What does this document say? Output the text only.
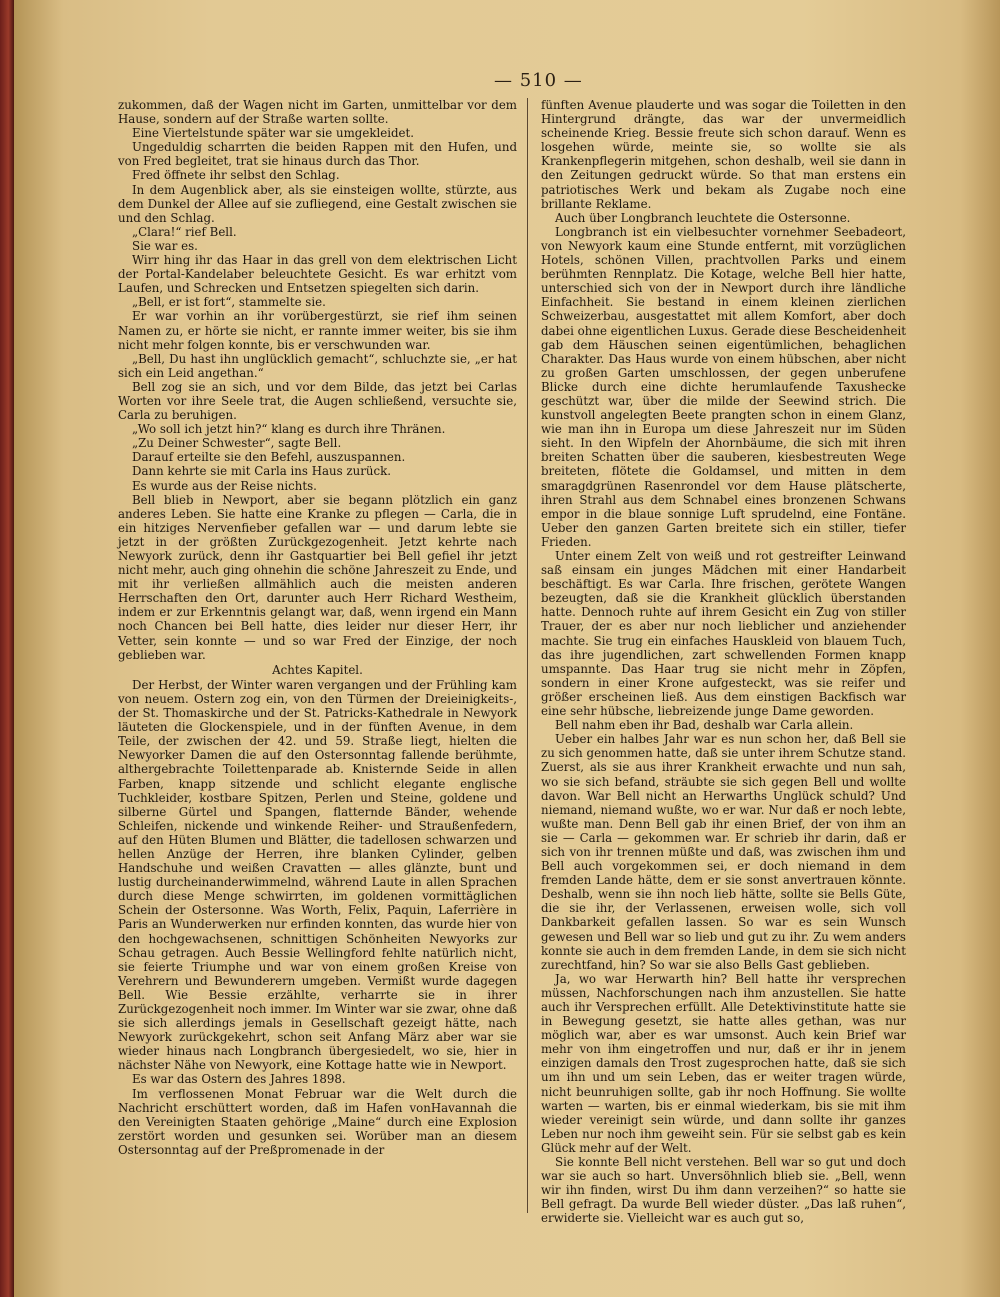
— 510 —

zukommen, daß der Wagen nicht im Garten, unmittelbar vor dem Hause, sondern auf der Straße warten sollte.

Eine Viertelstunde später war sie umgekleidet.

Ungeduldig scharrten die beiden Rappen mit den Hufen, und von Fred begleitet, trat sie hinaus durch das Thor.

Fred öffnete ihr selbst den Schlag.

In dem Augenblick aber, als sie einsteigen wollte, stürzte, aus dem Dunkel der Allee auf sie zufliegend, eine Gestalt zwischen sie und den Schlag.

„Clara!“ rief Bell.

Sie war es.

Wirr hing ihr das Haar in das grell von dem elektrischen Licht der Portal-Kandelaber beleuchtete Gesicht. Es war erhitzt vom Laufen, und Schrecken und Entsetzen spiegelten sich darin.

„Bell, er ist fort“, stammelte sie.

Er war vorhin an ihr vorübergestürzt, sie rief ihm seinen Namen zu, er hörte sie nicht, er rannte immer weiter, bis sie ihm nicht mehr folgen konnte, bis er verschwunden war.

„Bell, Du hast ihn unglücklich gemacht“, schluchzte sie, „er hat sich ein Leid angethan.“

Bell zog sie an sich, und vor dem Bilde, das jetzt bei Carlas Worten vor ihre Seele trat, die Augen schließend, versuchte sie, Carla zu beruhigen.

„Wo soll ich jetzt hin?“ klang es durch ihre Thränen.

„Zu Deiner Schwester“, sagte Bell.

Darauf erteilte sie den Befehl, auszuspannen.

Dann kehrte sie mit Carla ins Haus zurück.

Es wurde aus der Reise nichts.

Bell blieb in Newport, aber sie begann plötzlich ein ganz anderes Leben. Sie hatte eine Kranke zu pflegen — Carla, die in ein hitziges Nervenfieber gefallen war — und darum lebte sie jetzt in der größten Zurückgezogenheit. Jetzt kehrte nach Newyork zurück, denn ihr Gastquartier bei Bell gefiel ihr jetzt nicht mehr, auch ging ohnehin die schöne Jahreszeit zu Ende, und mit ihr verließen allmählich auch die meisten anderen Herrschaften den Ort, darunter auch Herr Richard Westheim, indem er zur Erkenntnis gelangt war, daß, wenn irgend ein Mann noch Chancen bei Bell hatte, dies leider nur dieser Herr, ihr Vetter, sein konnte — und so war Fred der Einzige, der noch geblieben war.

Achtes Kapitel.

Der Herbst, der Winter waren vergangen und der Frühling kam von neuem. Ostern zog ein, von den Türmen der Dreieinigkeits-, der St. Thomaskirche und der St. Patricks-Kathedrale in Newyork läuteten die Glockenspiele, und in der fünften Avenue, in dem Teile, der zwischen der 42. und 59. Straße liegt, hielten die Newyorker Damen die auf den Ostersonntag fallende berühmte, althergebrachte Toilettenparade ab. Knisternde Seide in allen Farben, knapp sitzende und schlicht elegante englische Tuchkleider, kostbare Spitzen, Perlen und Steine, goldene und silberne Gürtel und Spangen, flatternde Bänder, wehende Schleifen, nickende und winkende Reiher- und Straußenfedern, auf den Hüten Blumen und Blätter, die tadellosen schwarzen und hellen Anzüge der Herren, ihre blanken Cylinder, gelben Handschuhe und weißen Cravatten — alles glänzte, bunt und lustig durcheinanderwimmelnd, während Laute in allen Sprachen durch diese Menge schwirrten, im goldenen vormittäglichen Schein der Ostersonne. Was Worth, Felix, Paquin, Laferrière in Paris an Wunderwerken nur erfinden konnten, das wurde hier von den hochgewachsenen, schnittigen Schönheiten Newyorks zur Schau getragen. Auch Bessie Wellingford fehlte natürlich nicht, sie feierte Triumphe und war von einem großen Kreise von Verehrern und Bewunderern umgeben. Vermißt wurde dagegen Bell. Wie Bessie erzählte, verharrte sie in ihrer Zurückgezogenheit noch immer. Im Winter war sie zwar, ohne daß sie sich allerdings jemals in Gesellschaft gezeigt hätte, nach Newyork zurückgekehrt, schon seit Anfang März aber war sie wieder hinaus nach Longbranch übergesiedelt, wo sie, hier in nächster Nähe von Newyork, eine Kottage hatte wie in Newport.

Es war das Ostern des Jahres 1898.

Im verflossenen Monat Februar war die Welt durch die Nachricht erschüttert worden, daß im Hafen vonHavannah die den Vereinigten Staaten gehörige „Maine“ durch eine Explosion zerstört worden und gesunken sei. Worüber man an diesem Ostersonntag auf der Preßpromenade in der

fünften Avenue plauderte und was sogar die Toiletten in den Hintergrund drängte, das war der unvermeidlich scheinende Krieg. Bessie freute sich schon darauf. Wenn es losgehen würde, meinte sie, so wollte sie als Krankenpflegerin mitgehen, schon deshalb, weil sie dann in den Zeitungen gedruckt würde. So that man erstens ein patriotisches Werk und bekam als Zugabe noch eine brillante Reklame.

Auch über Longbranch leuchtete die Ostersonne.

Longbranch ist ein vielbesuchter vornehmer Seebadeort, von Newyork kaum eine Stunde entfernt, mit vorzüglichen Hotels, schönen Villen, prachtvollen Parks und einem berühmten Rennplatz. Die Kotage, welche Bell hier hatte, unterschied sich von der in Newport durch ihre ländliche Einfachheit. Sie bestand in einem kleinen zierlichen Schweizerbau, ausgestattet mit allem Komfort, aber doch dabei ohne eigentlichen Luxus. Gerade diese Bescheidenheit gab dem Häuschen seinen eigentümlichen, behaglichen Charakter. Das Haus wurde von einem hübschen, aber nicht zu großen Garten umschlossen, der gegen unberufene Blicke durch eine dichte herumlaufende Taxushecke geschützt war, über die milde der Seewind strich. Die kunstvoll angelegten Beete prangten schon in einem Glanz, wie man ihn in Europa um diese Jahreszeit nur im Süden sieht. In den Wipfeln der Ahornbäume, die sich mit ihren breiten Schatten über die sauberen, kiesbestreuten Wege breiteten, flötete die Goldamsel, und mitten in dem smaragdgrünen Rasenrondel vor dem Hause plätscherte, ihren Strahl aus dem Schnabel eines bronzenen Schwans empor in die blaue sonnige Luft sprudelnd, eine Fontäne. Ueber den ganzen Garten breitete sich ein stiller, tiefer Frieden.

Unter einem Zelt von weiß und rot gestreifter Leinwand saß einsam ein junges Mädchen mit einer Handarbeit beschäftigt. Es war Carla. Ihre frischen, gerötete Wangen bezeugten, daß sie die Krankheit glücklich überstanden hatte. Dennoch ruhte auf ihrem Gesicht ein Zug von stiller Trauer, der es aber nur noch lieblicher und anziehender machte. Sie trug ein einfaches Hauskleid von blauem Tuch, das ihre jugendlichen, zart schwellenden Formen knapp umspannte. Das Haar trug sie nicht mehr in Zöpfen, sondern in einer Krone aufgesteckt, was sie reifer und größer erscheinen ließ. Aus dem einstigen Backfisch war eine sehr hübsche, liebreizende junge Dame geworden.

Bell nahm eben ihr Bad, deshalb war Carla allein.

Ueber ein halbes Jahr war es nun schon her, daß Bell sie zu sich genommen hatte, daß sie unter ihrem Schutze stand. Zuerst, als sie aus ihrer Krankheit erwachte und nun sah, wo sie sich befand, sträubte sie sich gegen Bell und wollte davon. War Bell nicht an Herwarths Unglück schuld? Und niemand, niemand wußte, wo er war. Nur daß er noch lebte, wußte man. Denn Bell gab ihr einen Brief, der von ihm an sie — Carla — gekommen war. Er schrieb ihr darin, daß er sich von ihr trennen müßte und daß, was zwischen ihm und Bell auch vorgekommen sei, er doch niemand in dem fremden Lande hätte, dem er sie sonst anvertrauen könnte. Deshalb, wenn sie ihn noch lieb hätte, sollte sie Bells Güte, die sie ihr, der Verlassenen, erweisen wolle, sich voll Dankbarkeit gefallen lassen. So war es sein Wunsch gewesen und Bell war so lieb und gut zu ihr. Zu wem anders konnte sie auch in dem fremden Lande, in dem sie sich nicht zurechtfand, hin? So war sie also Bells Gast geblieben.

Ja, wo war Herwarth hin? Bell hatte ihr versprechen müssen, Nachforschungen nach ihm anzustellen. Sie hatte auch ihr Versprechen erfüllt. Alle Detektivinstitute hatte sie in Bewegung gesetzt, sie hatte alles gethan, was nur möglich war, aber es war umsonst. Auch kein Brief war mehr von ihm eingetroffen und nur, daß er ihr in jenem einzigen damals den Trost zugesprochen hatte, daß sie sich um ihn und um sein Leben, das er weiter tragen würde, nicht beunruhigen sollte, gab ihr noch Hoffnung. Sie wollte warten — warten, bis er einmal wiederkam, bis sie mit ihm wieder vereinigt sein würde, und dann sollte ihr ganzes Leben nur noch ihm geweiht sein. Für sie selbst gab es kein Glück mehr auf der Welt.

Sie konnte Bell nicht verstehen. Bell war so gut und doch war sie auch so hart. Unversöhnlich blieb sie. „Bell, wenn wir ihn finden, wirst Du ihm dann verzeihen?“ so hatte sie Bell gefragt. Da wurde Bell wieder düster. „Das laß ruhen“, erwiderte sie. Vielleicht war es auch gut so,
